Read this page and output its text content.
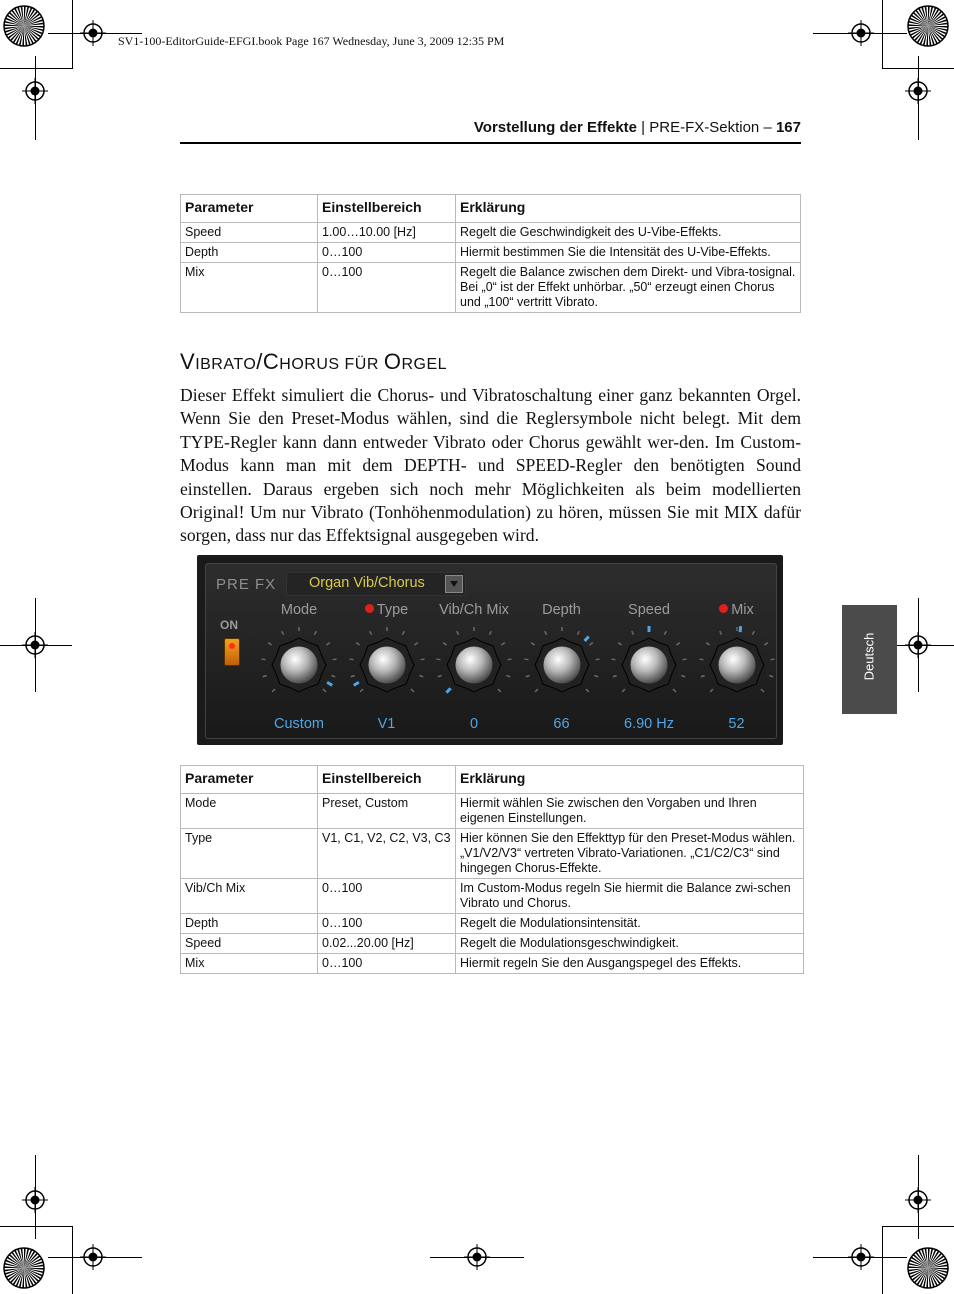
SV1-100-EditorGuide-EFGI.book Page 167 Wednesday, June 3, 2009 12:35 PM
Vorstellung der Effekte | PRE-FX-Sektion – 167
Parameter	Einstellbereich	Erklärung
Speed	1.00…10.00 [Hz]	Regelt die Geschwindigkeit des U-Vibe-Effekts.
Depth	0…100	Hiermit bestimmen Sie die Intensität des U-Vibe-Effekts.
Mix	0…100	Regelt die Balance zwischen dem Direkt- und Vibra-tosignal. Bei „0“ ist der Effekt unhörbar. „50“ erzeugt einen Chorus und „100“ vertritt Vibrato.
VIBRATO/CHORUS FÜR ORGEL
Dieser Effekt simuliert die Chorus- und Vibratoschaltung einer ganz bekannten Orgel. Wenn Sie den Preset-Modus wählen, sind die Reglersymbole nicht belegt. Mit dem TYPE-Regler kann dann entweder Vibrato oder Chorus gewählt wer-den. Im Custom-Modus kann man mit dem DEPTH- und SPEED-Regler den benötigten Sound einstellen. Daraus ergeben sich noch mehr Möglichkeiten als beim modellierten Original! Um nur Vibrato (Tonhöhenmodulation) zu hören, müssen Sie mit MIX dafür sorgen, dass nur das Effektsignal ausgegeben wird.
PRE FX Organ Vib/Chorus
ON
Mode
Custom
Type
V1
Vib/Ch Mix
0
Depth
66
Speed
6.90 Hz
Mix
52
Parameter	Einstellbereich	Erklärung
Mode	Preset, Custom	Hiermit wählen Sie zwischen den Vorgaben und Ihren eigenen Einstellungen.
Type	V1, C1, V2, C2, V3, C3	Hier können Sie den Effekttyp für den Preset-Modus wählen. „V1/V2/V3“ vertreten Vibrato-Variationen. „C1/C2/C3“ sind hingegen Chorus-Effekte.
Vib/Ch Mix	0…100	Im Custom-Modus regeln Sie hiermit die Balance zwi-schen Vibrato und Chorus.
Depth	0…100	Regelt die Modulationsintensität.
Speed	0.02...20.00 [Hz]	Regelt die Modulationsgeschwindigkeit.
Mix	0…100	Hiermit regeln Sie den Ausgangspegel des Effekts.
Deutsch
